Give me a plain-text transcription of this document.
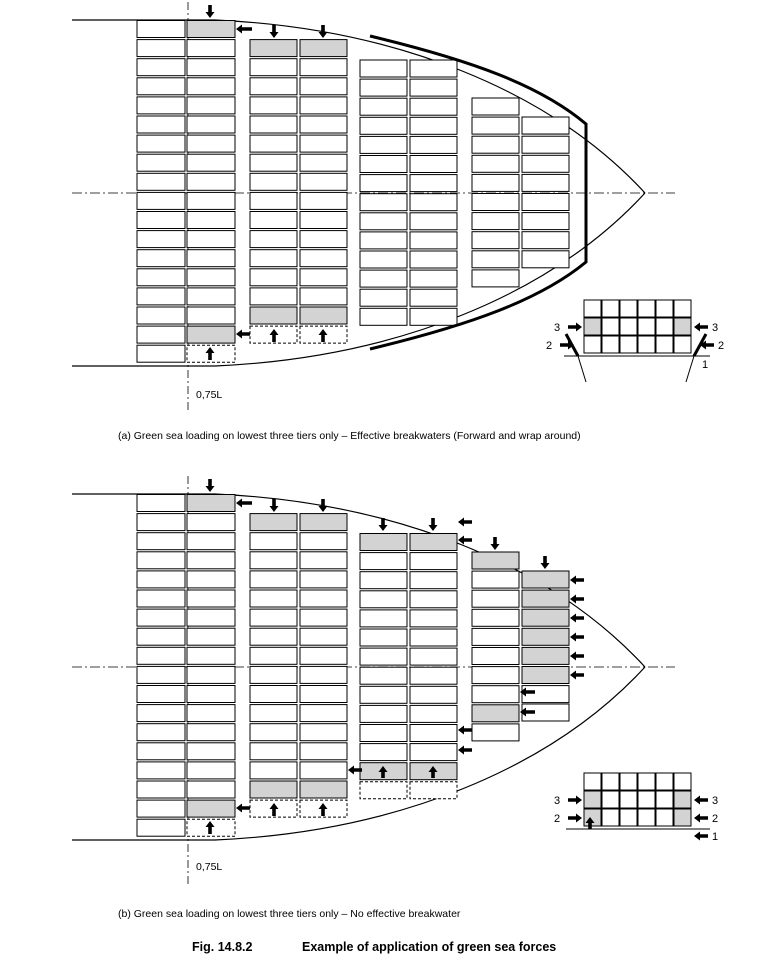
3
2
3
2
1
3
2
3
2
1
0,75L
0,75L
(a) Green sea loading on lowest three tiers only – Effective breakwaters (Forward and wrap around)
(b) Green sea loading on lowest three tiers only – No effective breakwater
Fig. 14.8.2	Example of application of green sea forces
